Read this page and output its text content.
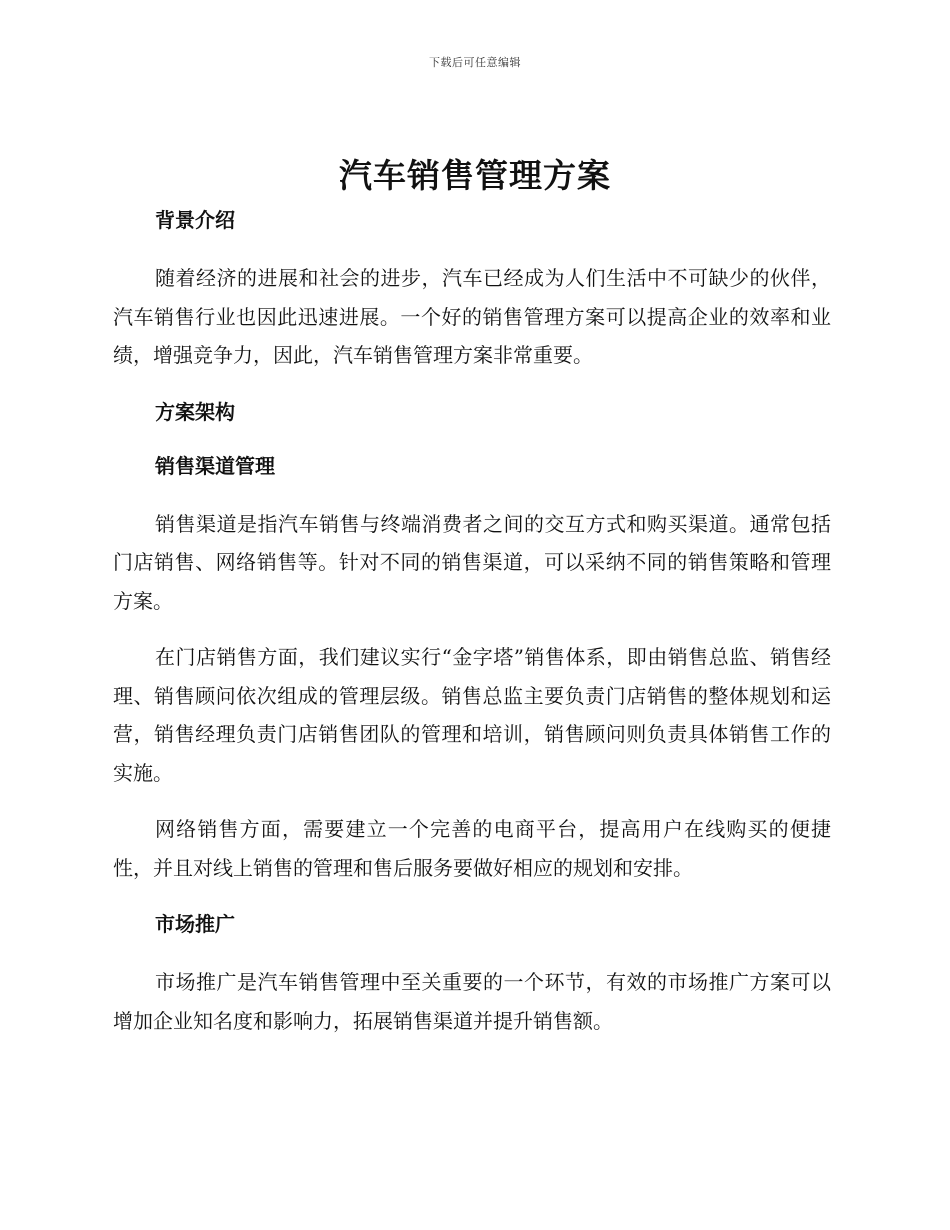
下载后可任意编辑
汽车销售管理方案
背景介绍

随着经济的进展和社会的进步，汽车已经成为人们生活中不可缺少的伙伴，汽车销售行业也因此迅速进展。一个好的销售管理方案可以提高企业的效率和业绩，增强竞争力，因此，汽车销售管理方案非常重要。

方案架构
销售渠道管理

销售渠道是指汽车销售与终端消费者之间的交互方式和购买渠道。通常包括门店销售、网络销售等。针对不同的销售渠道，可以采纳不同的销售策略和管理方案。

在门店销售方面，我们建议实行“金字塔”销售体系，即由销售总监、销售经理、销售顾问依次组成的管理层级。销售总监主要负责门店销售的整体规划和运营，销售经理负责门店销售团队的管理和培训，销售顾问则负责具体销售工作的实施。

网络销售方面，需要建立一个完善的电商平台，提高用户在线购买的便捷性，并且对线上销售的管理和售后服务要做好相应的规划和安排。

市场推广

市场推广是汽车销售管理中至关重要的一个环节，有效的市场推广方案可以增加企业知名度和影响力，拓展销售渠道并提升销售额。
